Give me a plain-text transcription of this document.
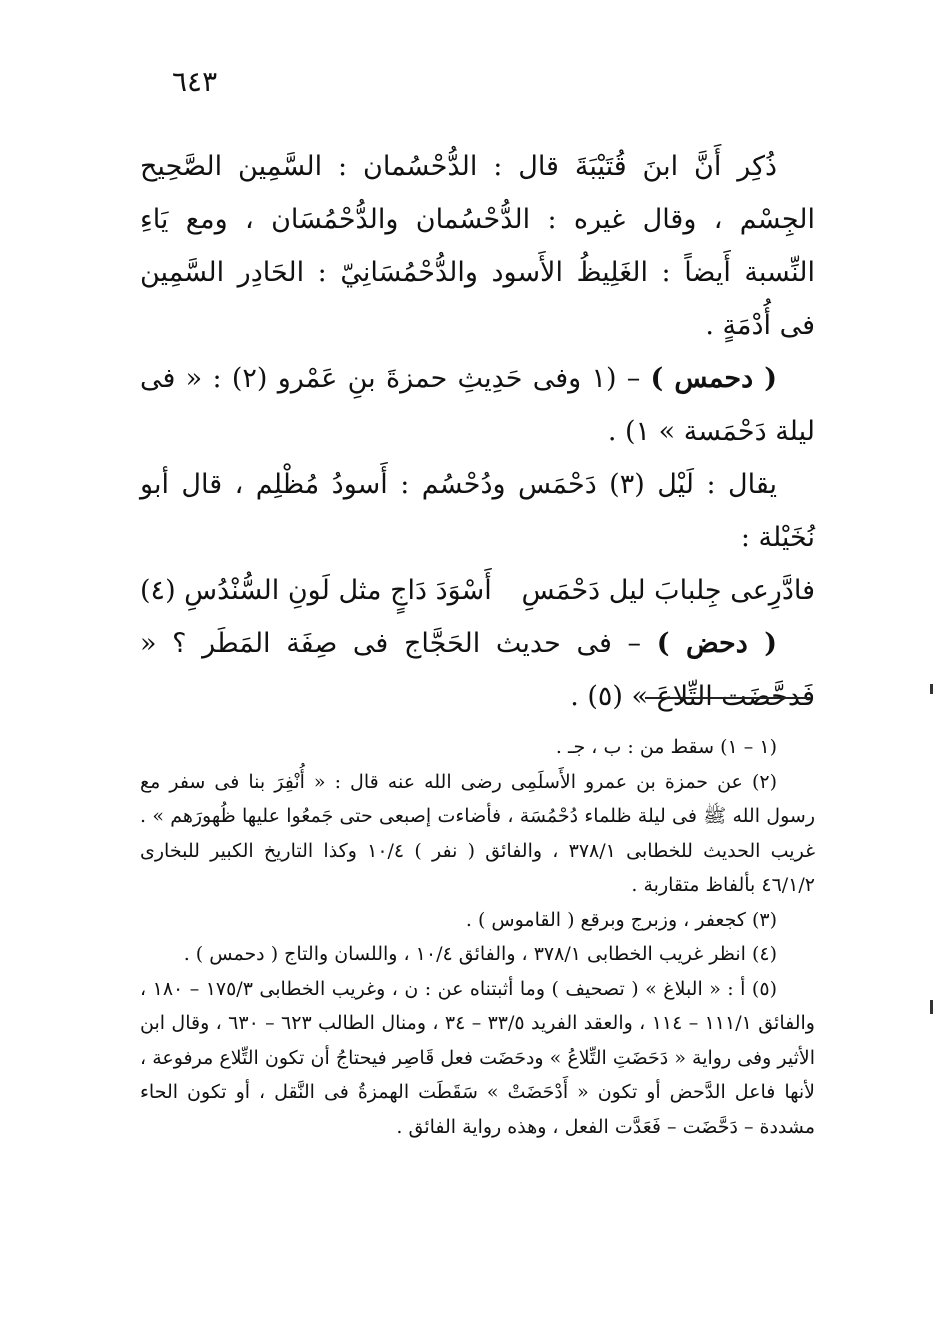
٦٤٣

ذُكِر أَنَّ ابنَ قُتَيْبَةَ قال : الدُّحْسُمان : السَّمِين الصَّحِيح الجِسْم ، وقال غيره : الدُّحْسُمان والدُّحْمُسَان ، ومع يَاءِ النِّسبة أَيضاً : الغَلِيظُ الأَسود والدُّحْمُسَانِيّ : الحَادِر السَّمِين فى أُدْمَةٍ .

( دحمس ) – (١ وفى حَدِيثِ حمزةَ بنِ عَمْرو (٢) : « فى ليلة دَحْمَسة » ١) .

يقال : لَيْل (٣) دَحْمَس ودُحْسُم : أَسودُ مُظْلِم ، قال أبو نُخَيْلة :

فادَّرِعى جِلبابَ ليل دَحْمَسِ
أَسْوَدَ دَاجٍ مثل لَونِ السُّنْدُسِ (٤)

( دحض ) – فى حديث الحَجَّاج فى صِفَة المَطَر ؟ « فَدحَّضَت التِّلاعَ » (٥) .

(١ – ١) سقط من : ب ، جـ .

(٢) عن حمزة بن عمرو الأَسلَمِى رضى الله عنه قال : « أُنْفِرَ بنا فى سفر مع رسول الله ﷺ فى ليلة ظلماء دُحْمُسَة ، فأضاءت إصبعى حتى جَمعُوا عليها ظُهورَهم » . غريب الحديث للخطابى ٣٧٨/١ ، والفائق ( نفر ) ١٠/٤ وكذا التاريخ الكبير للبخارى ٤٦/١/٢ بألفاظ متقاربة .

(٣) كجعفر ، وزبرج وبرقع ( القاموس ) .

(٤) انظر غريب الخطابى ٣٧٨/١ ، والفائق ١٠/٤ ، واللسان والتاج ( دحمس ) .

(٥) أ : « البلاغ » ( تصحيف ) وما أثبتناه عن : ن ، وغريب الخطابى ١٧٥/٣ – ١٨٠ ، والفائق ١١١/١ – ١١٤ ، والعقد الفريد ٣٣/٥ – ٣٤ ، ومنال الطالب ٦٢٣ – ٦٣٠ ، وقال ابن الأثير وفى رواية « دَحَضَتِ التِّلاعُ » ودحَضَت فعل قَاصِر فيحتاجُ أن تكون التِّلاع مرفوعة ، لأنها فاعل الدَّحض أو تكون « أَدْحَضَتْ » سَقَطَت الهمزةُ فى النَّقل ، أو تكون الحاء مشددة – دَحَّضَت – فَعَدَّت الفعل ، وهذه رواية الفائق .
